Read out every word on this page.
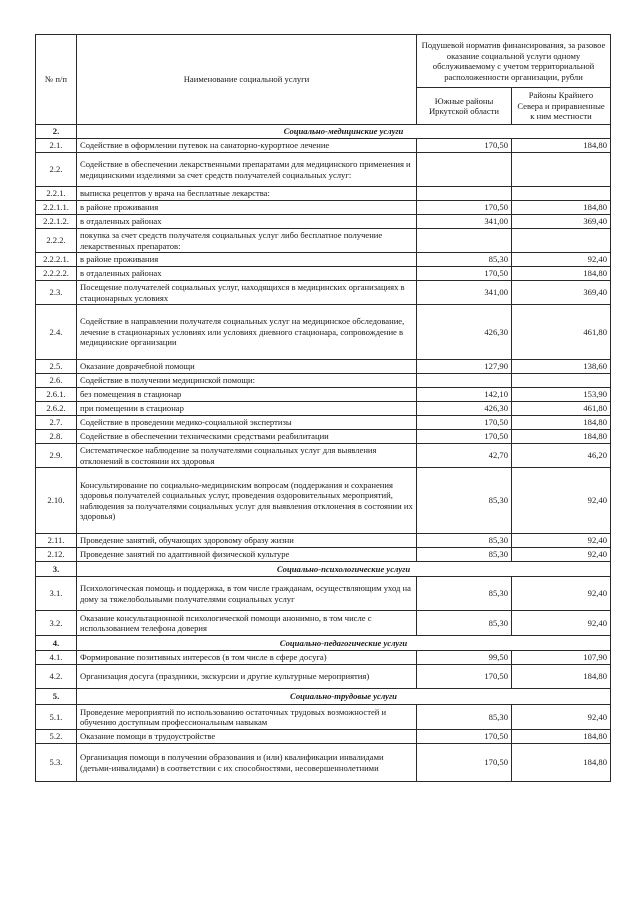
№ п/п	Наименование социальной услуги	Подушевой норматив финансирования, за разовое оказание социальной услуги одному обслуживаемому с учетом территориальной расположенности организации, рубли	
		Южные районы Иркутской области	Районы Крайнего Севера и приравненные к ним местности
2.	Социально-медицинские услуги		
2.1.	Содействие в оформлении путевок на санаторно-курортное лечение	170,50	184,80
2.2.	Содействие в обеспечении лекарственными препаратами для медицинского применения и медицинскими изделиями за счет средств получателей социальных услуг:		
2.2.1.	выписка рецептов у врача на бесплатные лекарства:		
2.2.1.1.	в районе проживания	170,50	184,80
2.2.1.2.	в отдаленных районах	341,00	369,40
2.2.2.	покупка за счет средств получателя социальных услуг либо бесплатное получение лекарственных препаратов:		
2.2.2.1.	в районе проживания	85,30	92,40
2.2.2.2.	в отдаленных районах	170,50	184,80
2.3.	Посещение получателей социальных услуг, находящихся в медицинских организациях в стационарных условиях	341,00	369,40
2.4.	Содействие в направлении получателя социальных услуг на медицинское обследование, лечение в стационарных условиях или условиях дневного стационара, сопровождение в медицинские организации	426,30	461,80
2.5.	Оказание доврачебной помощи	127,90	138,60
2.6.	Содействие в получении медицинской помощи:		
2.6.1.	без помещения в стационар	142,10	153,90
2.6.2.	при помещении в стационар	426,30	461,80
2.7.	Содействие в проведении медико-социальной экспертизы	170,50	184,80
2.8.	Содействие в обеспечении техническими средствами реабилитации	170,50	184,80
2.9.	Систематическое наблюдение за получателями социальных услуг для выявления отклонений в состоянии их здоровья	42,70	46,20
2.10.	Консультирование по социально-медицинским вопросам (поддержания и сохранения здоровья получателей социальных услуг, проведения оздоровительных мероприятий, наблюдения за получателями социальных услуг для выявления отклонения в состоянии их здоровья)	85,30	92,40
2.11.	Проведение занятий, обучающих здоровому образу жизни	85,30	92,40
2.12.	Проведение занятий по адаптивной физической культуре	85,30	92,40
3.	Социально-психологические услуги		
3.1.	Психологическая помощь и поддержка, в том числе гражданам, осуществляющим уход на дому за тяжелобольными получателями социальных услуг	85,30	92,40
3.2.	Оказание консультационной психологической помощи анонимно, в том числе с использованием телефона доверия	85,30	92,40
4.	Социально-педагогические услуги		
4.1.	Формирование позитивных интересов (в том числе в сфере досуга)	99,50	107,90
4.2.	Организация досуга (праздники, экскурсии и другие культурные мероприятия)	170,50	184,80
5.	Социально-трудовые услуги		
5.1.	Проведение мероприятий по использованию остаточных трудовых возможностей и обучению доступным профессиональным навыкам	85,30	92,40
5.2.	Оказание помощи в трудоустройстве	170,50	184,80
5.3.	Организация помощи в получении образования и (или) квалификации инвалидами (детьми-инвалидами) в соответствии с их способностями, несовершеннолетними	170,50	184,80
